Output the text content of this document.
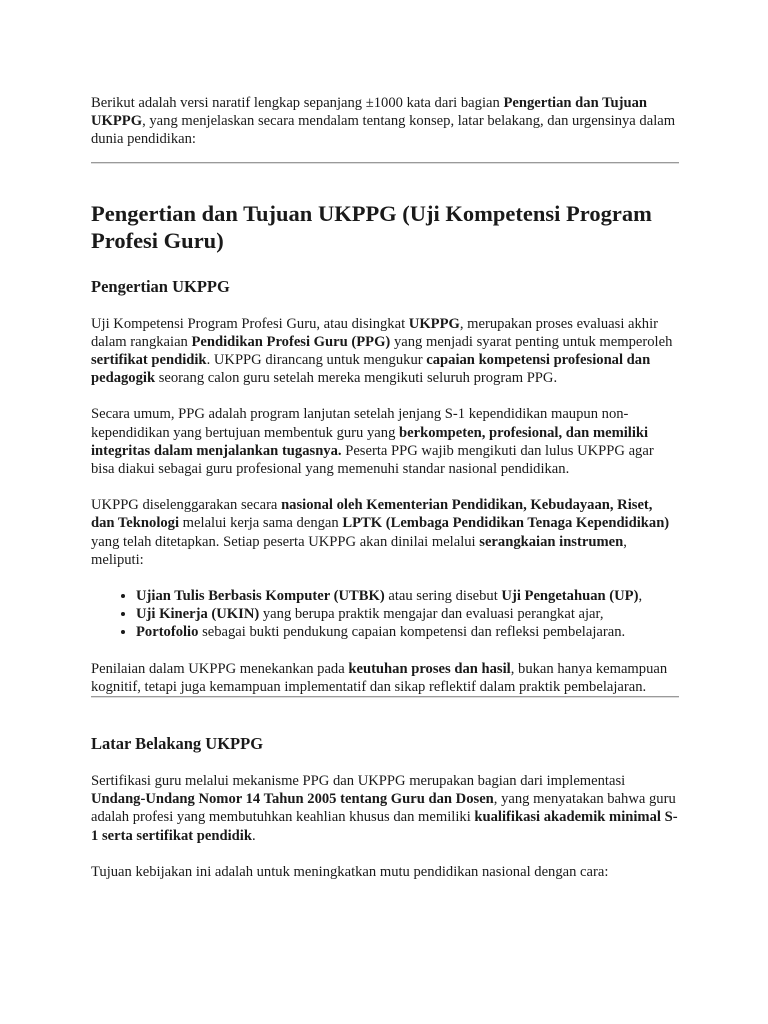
Berikut adalah versi naratif lengkap sepanjang ±1000 kata dari bagian Pengertian dan Tujuan UKPPG, yang menjelaskan secara mendalam tentang konsep, latar belakang, dan urgensinya dalam dunia pendidikan:

Pengertian dan Tujuan UKPPG (Uji Kompetensi Program Profesi Guru)
Pengertian UKPPG

Uji Kompetensi Program Profesi Guru, atau disingkat UKPPG, merupakan proses evaluasi akhir dalam rangkaian Pendidikan Profesi Guru (PPG) yang menjadi syarat penting untuk memperoleh sertifikat pendidik. UKPPG dirancang untuk mengukur capaian kompetensi profesional dan pedagogik seorang calon guru setelah mereka mengikuti seluruh program PPG.

Secara umum, PPG adalah program lanjutan setelah jenjang S-1 kependidikan maupun non-kependidikan yang bertujuan membentuk guru yang berkompeten, profesional, dan memiliki integritas dalam menjalankan tugasnya. Peserta PPG wajib mengikuti dan lulus UKPPG agar bisa diakui sebagai guru profesional yang memenuhi standar nasional pendidikan.

UKPPG diselenggarakan secara nasional oleh Kementerian Pendidikan, Kebudayaan, Riset, dan Teknologi melalui kerja sama dengan LPTK (Lembaga Pendidikan Tenaga Kependidikan) yang telah ditetapkan. Setiap peserta UKPPG akan dinilai melalui serangkaian instrumen, meliputi:

• Ujian Tulis Berbasis Komputer (UTBK) atau sering disebut Uji Pengetahuan (UP),
• Uji Kinerja (UKIN) yang berupa praktik mengajar dan evaluasi perangkat ajar,
• Portofolio sebagai bukti pendukung capaian kompetensi dan refleksi pembelajaran.

Penilaian dalam UKPPG menekankan pada keutuhan proses dan hasil, bukan hanya kemampuan kognitif, tetapi juga kemampuan implementatif dan sikap reflektif dalam praktik pembelajaran.

Latar Belakang UKPPG

Sertifikasi guru melalui mekanisme PPG dan UKPPG merupakan bagian dari implementasi Undang-Undang Nomor 14 Tahun 2005 tentang Guru dan Dosen, yang menyatakan bahwa guru adalah profesi yang membutuhkan keahlian khusus dan memiliki kualifikasi akademik minimal S-1 serta sertifikat pendidik.

Tujuan kebijakan ini adalah untuk meningkatkan mutu pendidikan nasional dengan cara:
